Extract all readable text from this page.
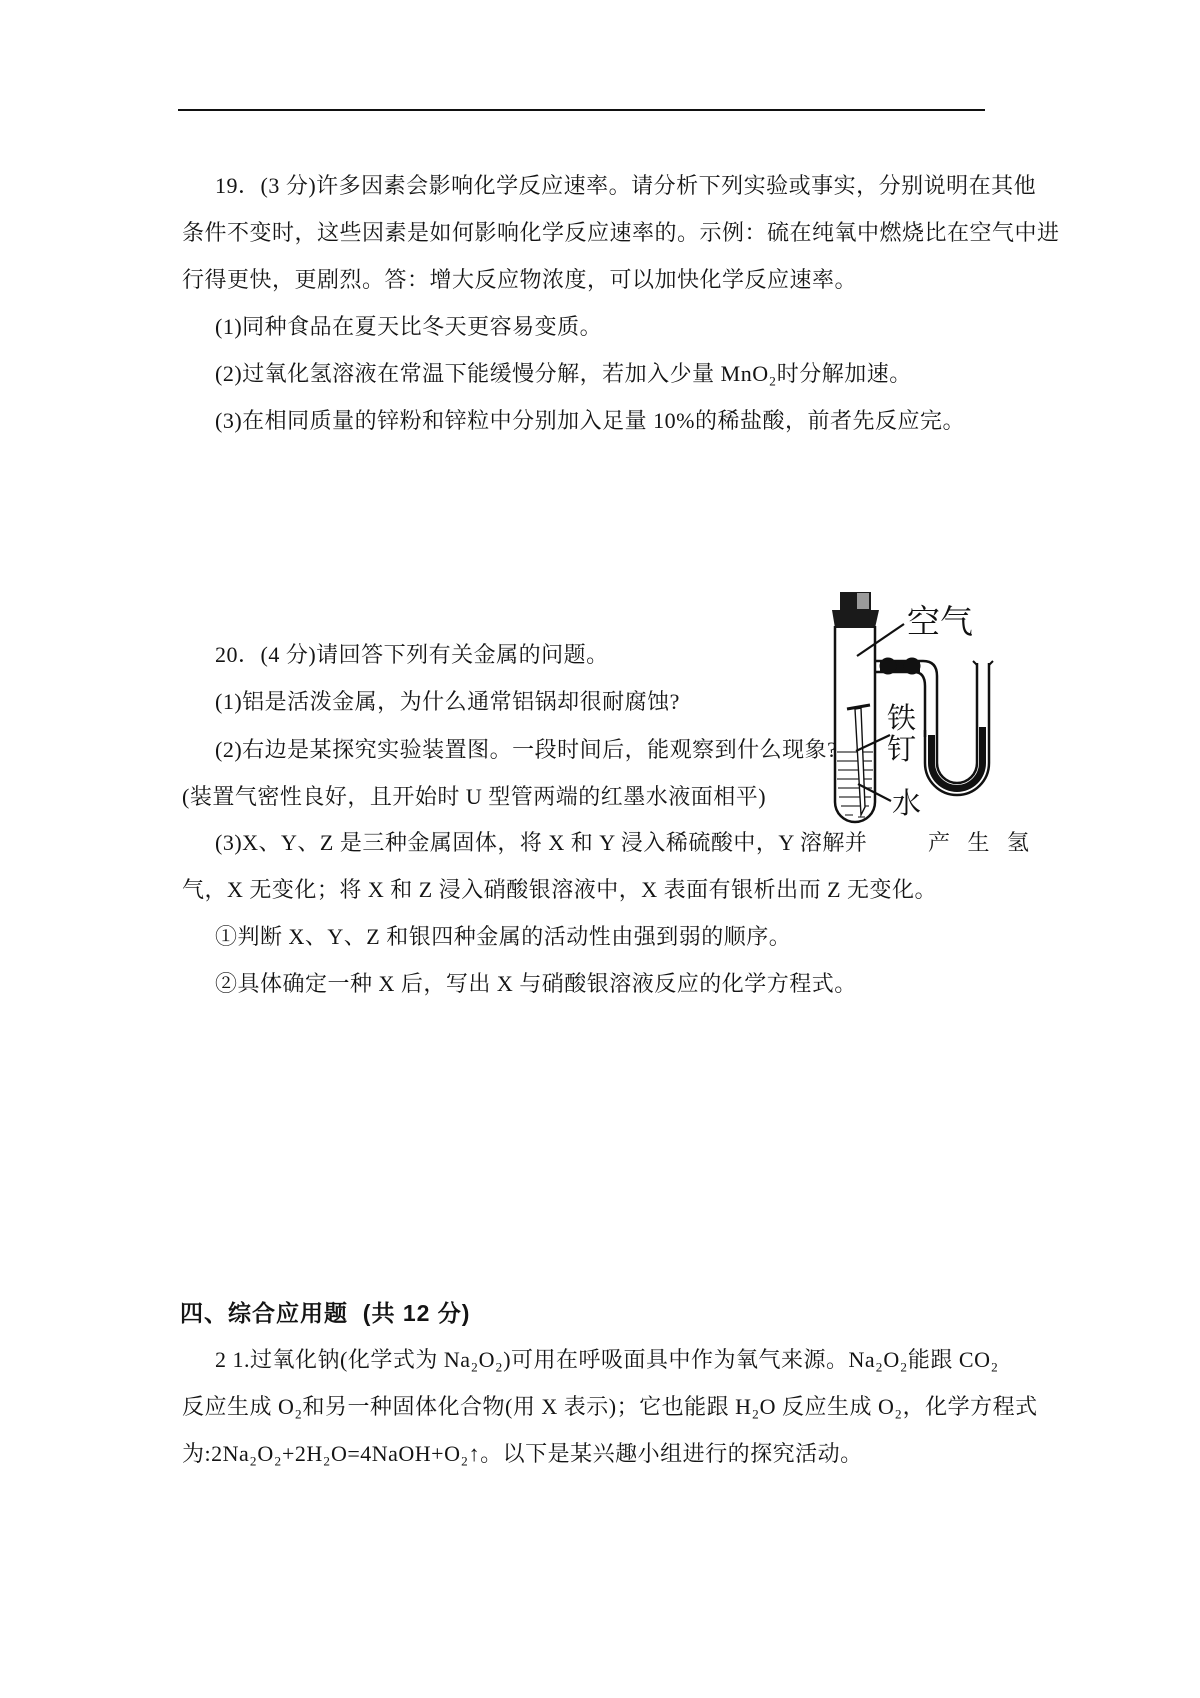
19．(3 分)许多因素会影响化学反应速率。请分析下列实验或事实，分别说明在其他
条件不变时，这些因素是如何影响化学反应速率的。示例：硫在纯氧中燃烧比在空气中进
行得更快，更剧烈。答：增大反应物浓度，可以加快化学反应速率。
(1)同种食品在夏天比冬天更容易变质。
(2)过氧化氢溶液在常温下能缓慢分解，若加入少量 MnO₂时分解加速。
(3)在相同质量的锌粉和锌粒中分别加入足量 10%的稀盐酸，前者先反应完。
20．(4 分)请回答下列有关金属的问题。
(1)铝是活泼金属，为什么通常铝锅却很耐腐蚀?
(2)右边是某探究实验装置图。一段时间后，能观察到什么现象?
(装置气密性良好，且开始时 U 型管两端的红墨水液面相平)
(3)X、Y、Z 是三种金属固体，将 X 和 Y 浸入稀硫酸中，Y 溶解并	产 生 氢
气，X 无变化；将 X 和 Z 浸入硝酸银溶液中，X 表面有银析出而 Z 无变化。
①判断 X、Y、Z 和银四种金属的活动性由强到弱的顺序。
②具体确定一种 X 后，写出 X 与硝酸银溶液反应的化学方程式。
空气
铁
钉
水
四、综合应用题  (共 12 分)
2 1.过氧化钠(化学式为 Na₂O₂)可用在呼吸面具中作为氧气来源。Na₂O₂能跟 CO₂
反应生成 O₂和另一种固体化合物(用 X 表示)；它也能跟 H₂O 反应生成 O₂，化学方程式
为:2Na₂O₂+2H₂O=4NaOH+O₂↑。以下是某兴趣小组进行的探究活动。
